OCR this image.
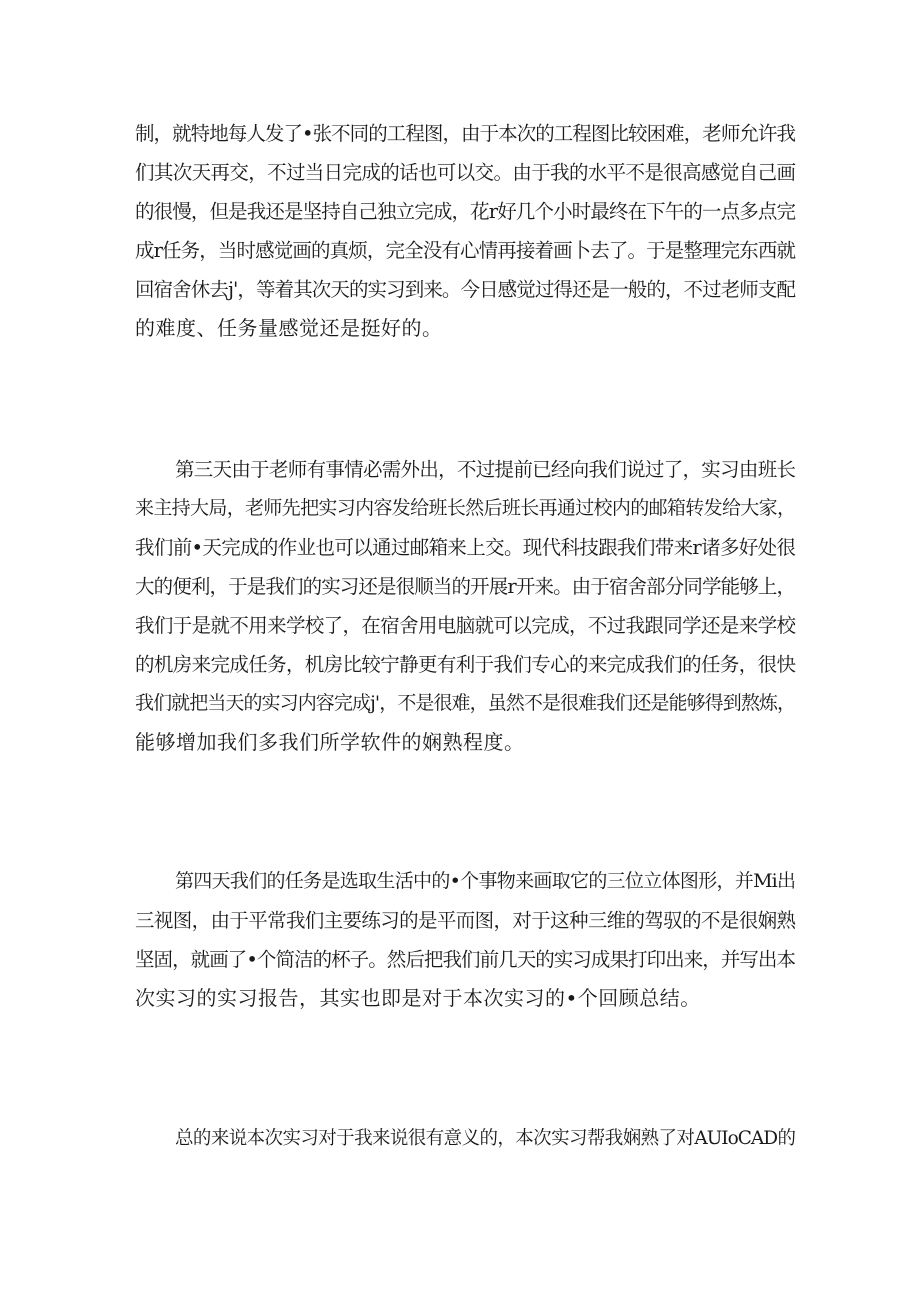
制，就特地每人发了•张不同的工程图，由于本次的工程图比较困难，老师允许我
们其次天再交，不过当日完成的话也可以交。由于我的水平不是很高感觉自己画
的很慢，但是我还是坚持自己独立完成，花r好几个小时最终在下午的一点多点完
成r任务，当时感觉画的真烦，完全没有心情再接着画卜去了。于是整理完东西就
回宿舍休去j'，等着其次天的实习到来。今日感觉过得还是一般的，不过老师支配
的难度、任务量感觉还是挺好的。
第三天由于老师有事情必需外出，不过提前已经向我们说过了，实习由班长
来主持大局，老师先把实习内容发给班长然后班长再通过校内的邮箱转发给大家，
我们前•天完成的作业也可以通过邮箱来上交。现代科技跟我们带来r诸多好处很
大的便利，于是我们的实习还是很顺当的开展r开来。由于宿舍部分同学能够上，
我们于是就不用来学校了，在宿舍用电脑就可以完成，不过我跟同学还是来学校
的机房来完成任务，机房比较宁静更有利于我们专心的来完成我们的任务，很快
我们就把当天的实习内容完成j'，不是很难，虽然不是很难我们还是能够得到熬炼，
能够增加我们多我们所学软件的娴熟程度。
第四天我们的任务是选取生活中的•个事物来画取它的三位立体图形，并Mi出
三视图，由于平常我们主要练习的是平而图，对于这种三维的驾驭的不是很娴熟
坚固，就画了•个简洁的杯子。然后把我们前几天的实习成果打印出来，并写出本
次实习的实习报告，其实也即是对于本次实习的•个回顾总结。
总的来说本次实习对于我来说很有意义的，本次实习帮我娴熟了对AUIoCAD的
